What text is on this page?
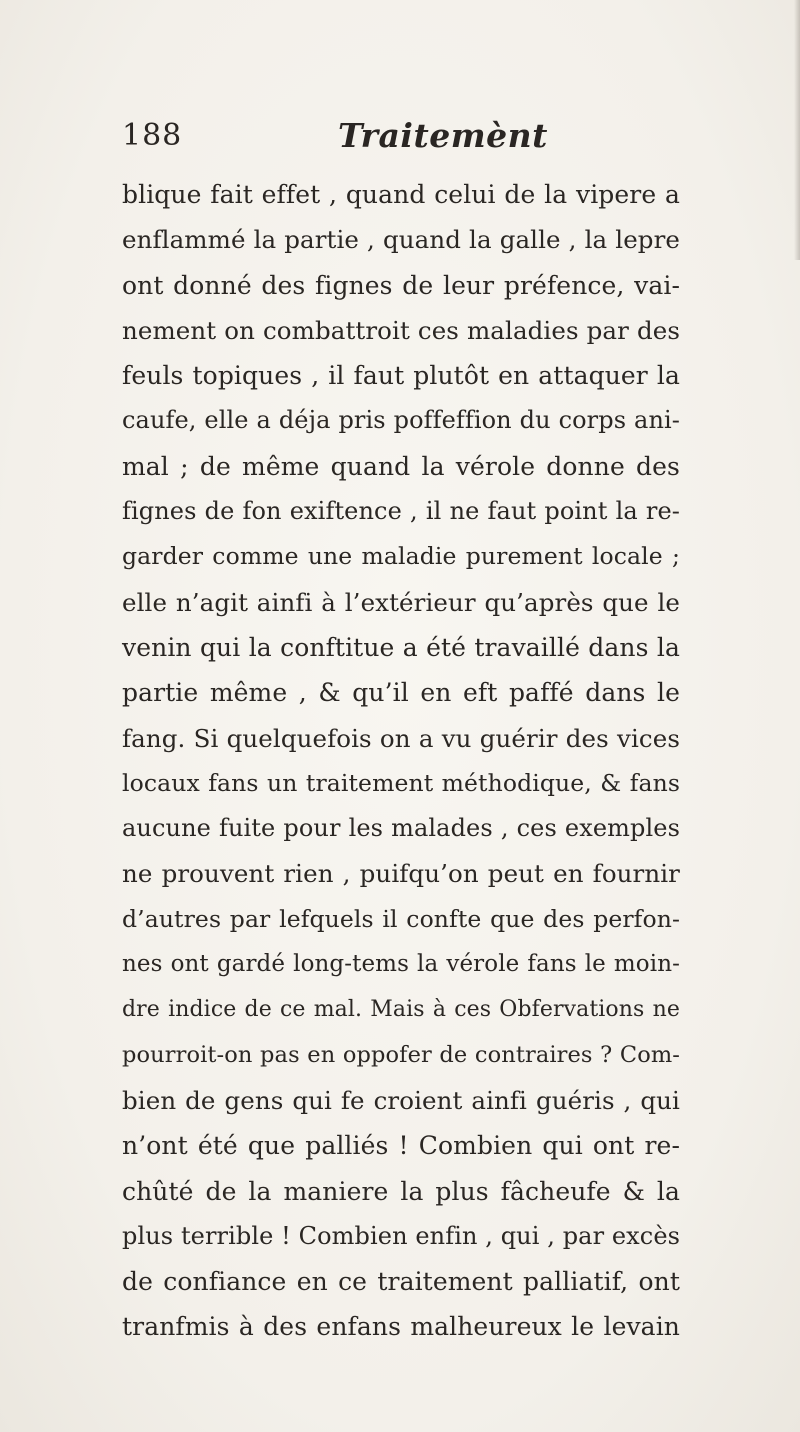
188	Traitemènt
blique fait effet , quand celui de la vipere a
enflammé la partie , quand la galle , la lepre
ont donné des fignes de leur préfence, vai-
nement on combattroit ces maladies par des
feuls topiques , il faut plutôt en attaquer la
caufe, elle a déja pris poffeffion du corps ani-
mal ; de même quand la vérole donne des
fignes de fon exiftence , il ne faut point la re-
garder comme une maladie purement locale ;
elle n’agit ainfi à l’extérieur qu’après que le
venin qui la conftitue a été travaillé dans la
partie même , & qu’il en eft paffé dans le
fang. Si quelquefois on a vu guérir des vices
locaux fans un traitement méthodique, & fans
aucune fuite pour les malades , ces exemples
ne prouvent rien , puifqu’on peut en fournir
d’autres par lefquels il confte que des perfon-
nes ont gardé long-tems la vérole fans le moin-
dre indice de ce mal. Mais à ces Obfervations ne
pourroit-on pas en oppofer de contraires ? Com-
bien de gens qui fe croient ainfi guéris , qui
n’ont été que palliés ! Combien qui ont re-
chûté de la maniere la plus fâcheufe & la
plus terrible ! Combien enfin , qui , par excès
de confiance en ce traitement palliatif, ont
tranfmis à des enfans malheureux le levain
